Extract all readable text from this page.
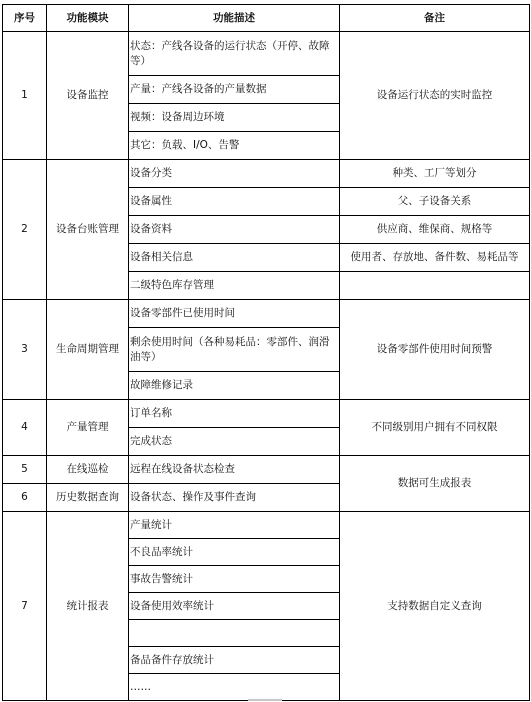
序号	功能模块	功能描述	备注
1	设备监控	状态：产线各设备的运行状态（开停、故障等）	设备运行状态的实时监控
		产量：产线各设备的产量数据	
		视频：设备周边环境	
		其它：负载、I/O、告警	
2	设备台账管理	设备分类	种类、工厂等划分
		设备属性	父、子设备关系
		设备资料	供应商、维保商、规格等
		设备相关信息	使用者、存放地、备件数、易耗品等
		二级特色库存管理	
3	生命周期管理	设备零部件已使用时间	设备零部件使用时间预警
		剩余使用时间（各种易耗品：零部件、润滑油等）	
		故障维修记录	
4	产量管理	订单名称	不同级别用户拥有不同权限
		完成状态	
5	在线巡检	远程在线设备状态检查	数据可生成报表
6	历史数据查询	设备状态、操作及事件查询	
7	统计报表	产量统计	支持数据自定义查询
		不良品率统计	
		事故告警统计	
		设备使用效率统计	

		备品备件存放统计	
		……	
